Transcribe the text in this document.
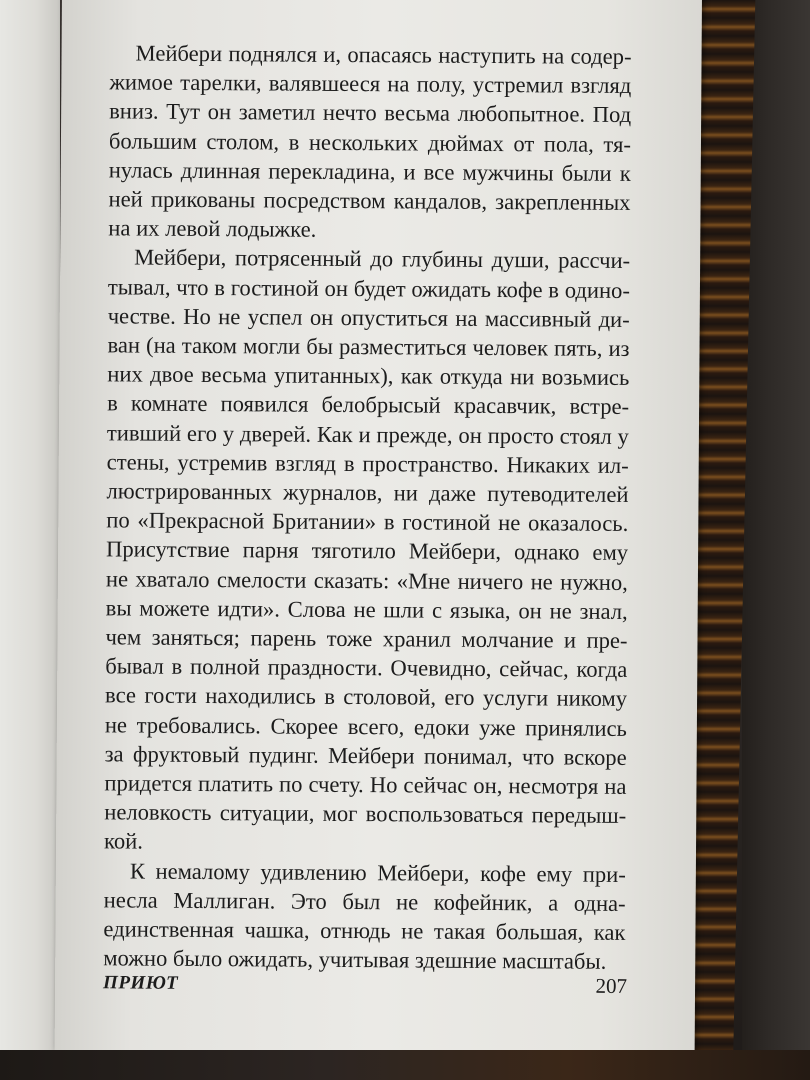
Мейбери поднялся и, опасаясь наступить на содер-
жимое тарелки, валявшееся на полу, устремил взгляд
вниз. Тут он заметил нечто весьма любопытное. Под
большим столом, в нескольких дюймах от пола, тя-
нулась длинная перекладина, и все мужчины были к
ней прикованы посредством кандалов, закрепленных
на их левой лодыжке.
Мейбери, потрясенный до глубины души, рассчи-
тывал, что в гостиной он будет ожидать кофе в одино-
честве. Но не успел он опуститься на массивный ди-
ван (на таком могли бы разместиться человек пять, из
них двое весьма упитанных), как откуда ни возьмись
в комнате появился белобрысый красавчик, встре-
тивший его у дверей. Как и прежде, он просто стоял у
стены, устремив взгляд в пространство. Никаких ил-
люстрированных журналов, ни даже путеводителей
по «Прекрасной Британии» в гостиной не оказалось.
Присутствие парня тяготило Мейбери, однако ему
не хватало смелости сказать: «Мне ничего не нужно,
вы можете идти». Слова не шли с языка, он не знал,
чем заняться; парень тоже хранил молчание и пре-
бывал в полной праздности. Очевидно, сейчас, когда
все гости находились в столовой, его услуги никому
не требовались. Скорее всего, едоки уже принялись
за фруктовый пудинг. Мейбери понимал, что вскоре
придется платить по счету. Но сейчас он, несмотря на
неловкость ситуации, мог воспользоваться передыш-
кой.
К немалому удивлению Мейбери, кофе ему при-
несла Маллиган. Это был не кофейник, а одна-
единственная чашка, отнюдь не такая большая, как
можно было ожидать, учитывая здешние масштабы.
ПРИЮТ	207
